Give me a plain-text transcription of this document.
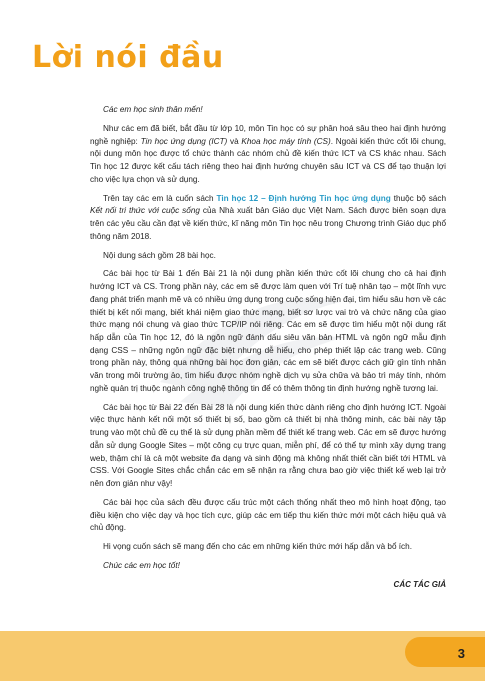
Lời nói đầu

Các em học sinh thân mến!

Như các em đã biết, bắt đầu từ lớp 10, môn Tin học có sự phân hoá sâu theo hai định hướng nghề nghiệp: Tin học ứng dụng (ICT) và Khoa học máy tính (CS). Ngoài kiến thức cốt lõi chung, nội dung môn học được tổ chức thành các nhóm chủ đề kiến thức ICT và CS khác nhau. Sách Tin học 12 được kết cấu tách riêng theo hai định hướng chuyên sâu ICT và CS để tạo thuận lợi cho việc lựa chọn và sử dụng.

Trên tay các em là cuốn sách Tin học 12 – Định hướng Tin học ứng dụng thuộc bộ sách Kết nối tri thức với cuộc sống của Nhà xuất bản Giáo dục Việt Nam. Sách được biên soạn dựa trên các yêu cầu cần đạt về kiến thức, kĩ năng môn Tin học nêu trong Chương trình Giáo dục phổ thông năm 2018.

Nội dung sách gồm 28 bài học.

Các bài học từ Bài 1 đến Bài 21 là nội dung phần kiến thức cốt lõi chung cho cả hai định hướng ICT và CS. Trong phần này, các em sẽ được làm quen với Trí tuệ nhân tạo – một lĩnh vực đang phát triển mạnh mẽ và có nhiều ứng dụng trong cuộc sống hiện đại, tìm hiểu sâu hơn về các thiết bị kết nối mạng, biết khái niệm giao thức mạng, biết sơ lược vai trò và chức năng của giao thức mạng nói chung và giao thức TCP/IP nói riêng. Các em sẽ được tìm hiểu một nội dung rất hấp dẫn của Tin học 12, đó là ngôn ngữ đánh dấu siêu văn bản HTML và ngôn ngữ mẫu định dạng CSS – những ngôn ngữ đặc biệt nhưng dễ hiểu, cho phép thiết lập các trang web. Cũng trong phần này, thông qua những bài học đơn giản, các em sẽ biết được cách giữ gìn tính nhân văn trong môi trường ảo, tìm hiểu được nhóm nghề dịch vụ sửa chữa và bảo trì máy tính, nhóm nghề quản trị thuộc ngành công nghệ thông tin để có thêm thông tin định hướng nghề tương lai.

Các bài học từ Bài 22 đến Bài 28 là nội dung kiến thức dành riêng cho định hướng ICT. Ngoài việc thực hành kết nối một số thiết bị số, bao gồm cả thiết bị nhà thông minh, các bài này tập trung vào một chủ đề cụ thể là sử dụng phần mềm để thiết kế trang web. Các em sẽ được hướng dẫn sử dụng Google Sites – một công cụ trực quan, miễn phí, để có thể tự mình xây dựng trang web, thậm chí là cả một website đa dạng và sinh động mà không nhất thiết cần biết tới HTML và CSS. Với Google Sites chắc chắn các em sẽ nhận ra rằng chưa bao giờ việc thiết kế web lại trở nên đơn giản như vậy!

Các bài học của sách đều được cấu trúc một cách thống nhất theo mô hình hoạt động, tạo điều kiện cho việc dạy và học tích cực, giúp các em tiếp thu kiến thức mới một cách hiệu quả và chủ động.

Hi vọng cuốn sách sẽ mang đến cho các em những kiến thức mới hấp dẫn và bổ ích.

Chúc các em học tốt!

CÁC TÁC GIẢ

3
